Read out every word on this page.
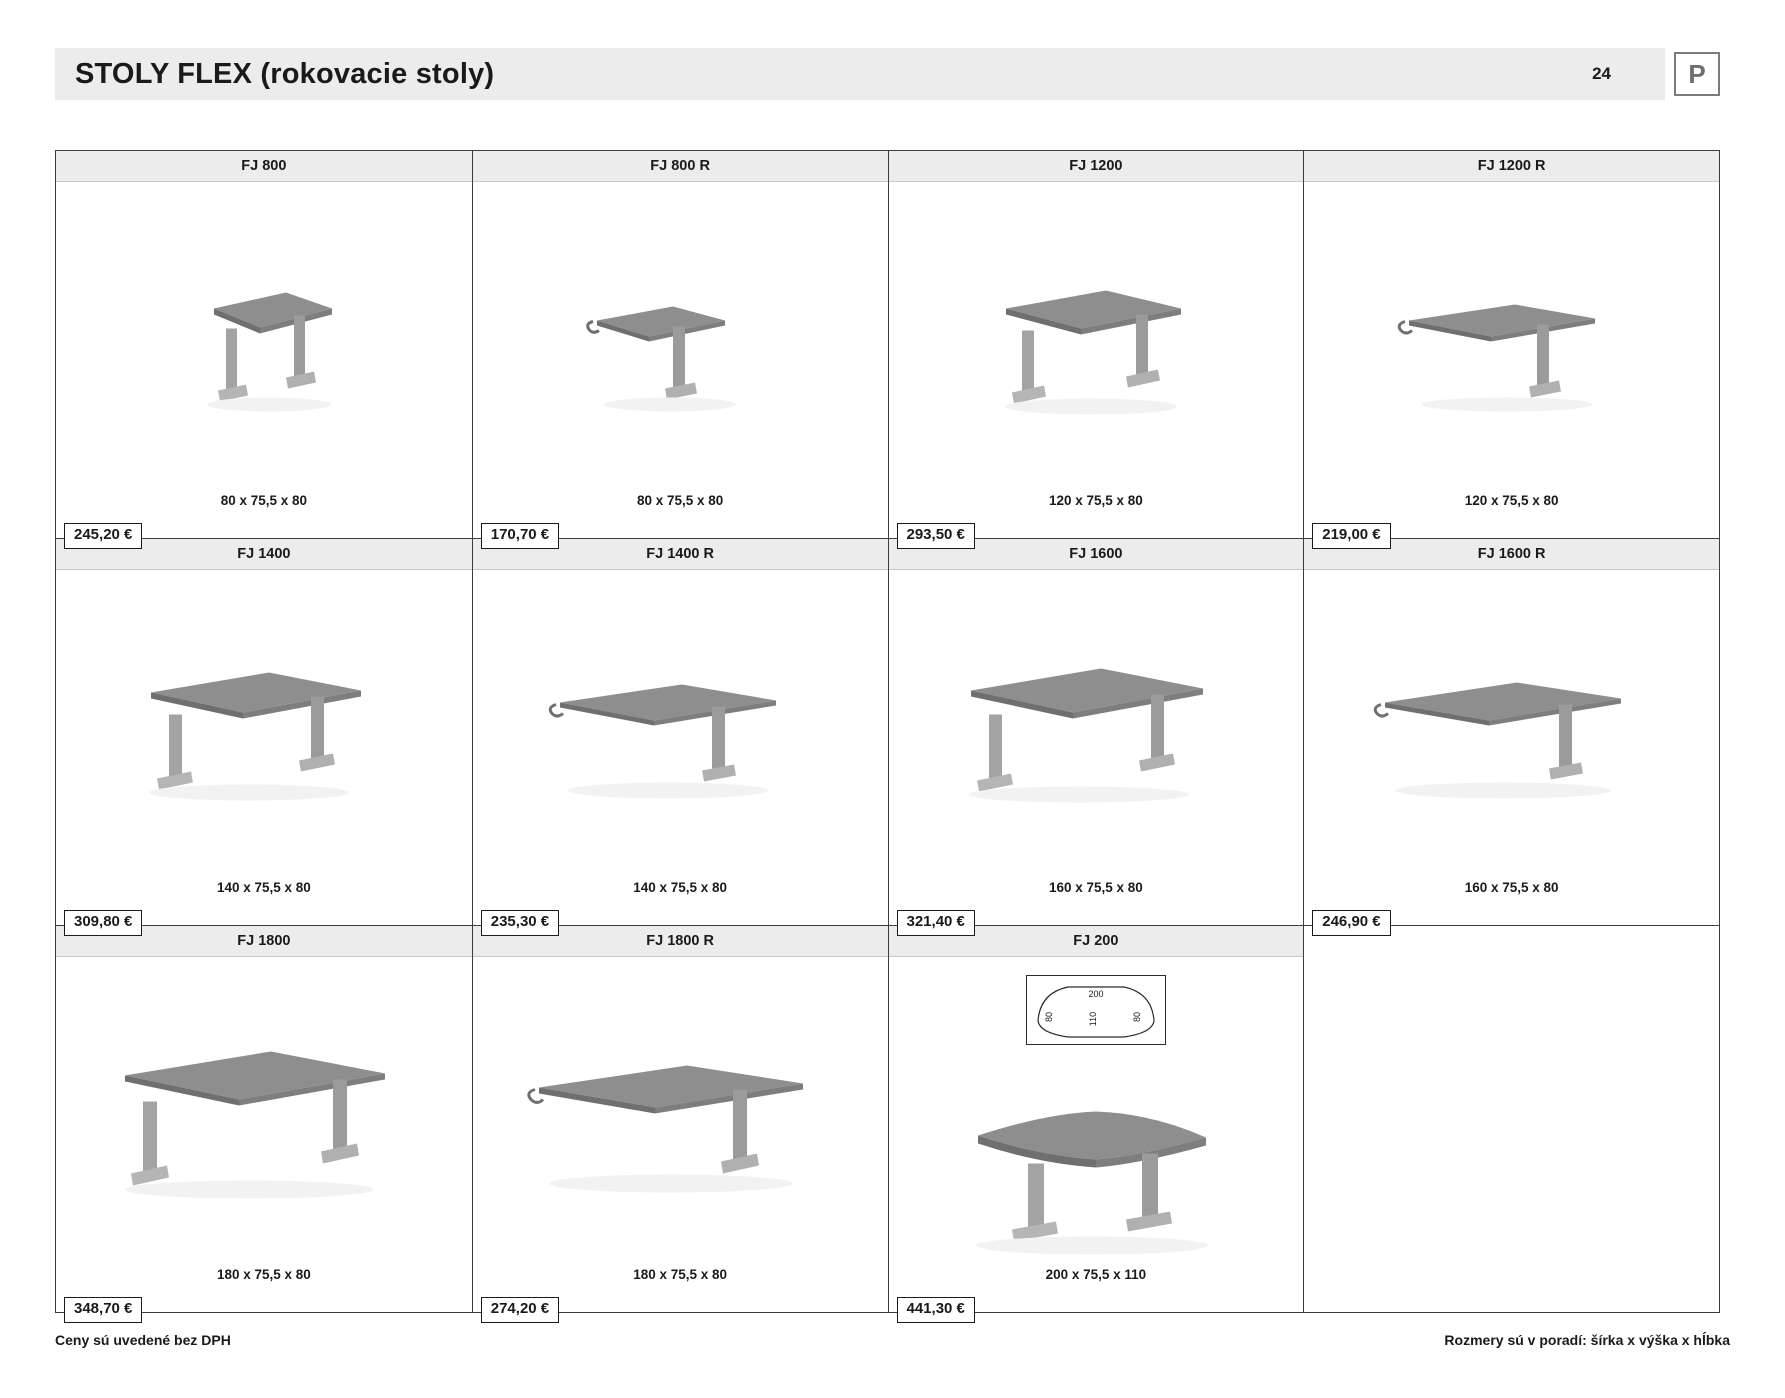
STOLY FLEX (rokovacie stoly)	24	P
FJ 800
80 x 75,5 x 80
245,20 €
FJ 800 R
80 x 75,5 x 80
170,70 €
FJ 1200
120 x 75,5 x 80
293,50 €
FJ 1200 R
120 x 75,5 x 80
219,00 €
FJ 1400
140 x 75,5 x 80
309,80 €
FJ 1400 R
140 x 75,5 x 80
235,30 €
FJ 1600
160 x 75,5 x 80
321,40 €
FJ 1600 R
160 x 75,5 x 80
246,90 €
FJ 1800
180 x 75,5 x 80
348,70 €
FJ 1800 R
180 x 75,5 x 80
274,20 €
FJ 200
200
80	110	80
200 x 75,5 x 110
441,30 €
Ceny sú uvedené bez DPH	Rozmery sú v poradí: šírka x výška x hĺbka
